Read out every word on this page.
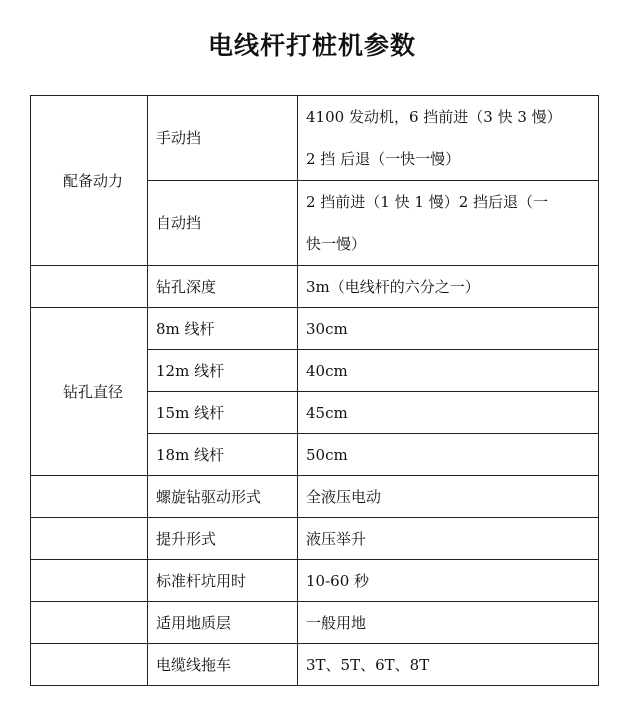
电线杆打桩机参数
配备动力	手动挡	4100 发动机，6 挡前进（3 快 3 慢）
2 挡 后退（一快一慢）

	自动挡	2 挡前进（1 快 1 慢）2 挡后退（一
快一慢）

	钻孔深度	3m（电线杆的六分之一）
钻孔直径	8m 线杆	30cm
	12m 线杆	40cm
	15m 线杆	45cm
	18m 线杆	50cm
	螺旋钻驱动形式	全液压电动
	提升形式	液压举升
	标准杆坑用时	10-60 秒
	适用地质层	一般用地
	电缆线拖车	3T、5T、6T、8T
